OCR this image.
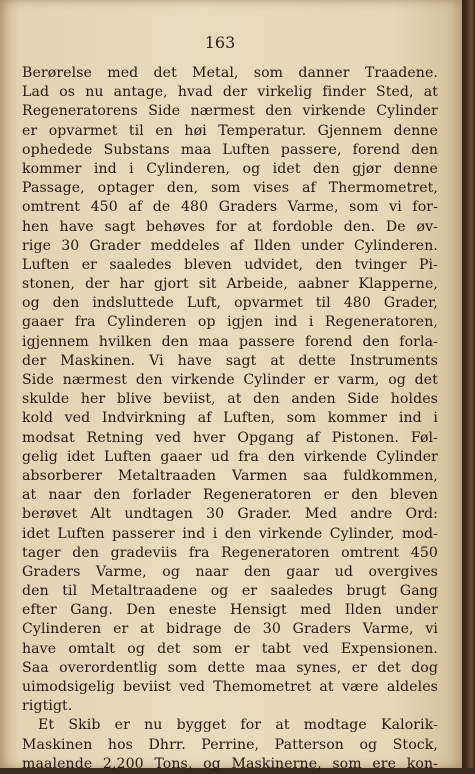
163
Berørelse med det Metal, som danner Traadene.
Lad os nu antage, hvad der virkelig finder Sted, at
Regeneratorens Side nærmest den virkende Cylinder
er opvarmet til en høi Temperatur. Gjennem denne
ophedede Substans maa Luften passere, forend den
kommer ind i Cylinderen, og idet den gjør denne
Passage, optager den, som vises af Thermometret,
omtrent 450 af de 480 Graders Varme, som vi for-
hen have sagt behøves for at fordoble den. De øv-
rige 30 Grader meddeles af Ilden under Cylinderen.
Luften er saaledes bleven udvidet, den tvinger Pi-
stonen, der har gjort sit Arbeide, aabner Klapperne,
og den indsluttede Luft, opvarmet til 480 Grader,
gaaer fra Cylinderen op igjen ind i Regeneratoren,
igjennem hvilken den maa passere forend den forla-
der Maskinen. Vi have sagt at dette Instruments
Side nærmest den virkende Cylinder er varm, og det
skulde her blive beviist, at den anden Side holdes
kold ved Indvirkning af Luften, som kommer ind i
modsat Retning ved hver Opgang af Pistonen. Føl-
gelig idet Luften gaaer ud fra den virkende Cylinder
absorberer Metaltraaden Varmen saa fuldkommen,
at naar den forlader Regeneratoren er den bleven
berøvet Alt undtagen 30 Grader. Med andre Ord:
idet Luften passerer ind i den virkende Cylinder, mod-
tager den gradeviis fra Regeneratoren omtrent 450
Graders Varme, og naar den gaar ud overgives
den til Metaltraadene og er saaledes brugt Gang
efter Gang. Den eneste Hensigt med Ilden under
Cylinderen er at bidrage de 30 Graders Varme, vi
have omtalt og det som er tabt ved Expensionen.
Saa overordentlig som dette maa synes, er det dog
uimodsigelig beviist ved Themometret at være aldeles
rigtigt.
Et Skib er nu bygget for at modtage Kalorik-
Maskinen hos Dhrr. Perrine, Patterson og Stock,
maalende 2,200 Tons, og Maskinerne, som ere kon-
